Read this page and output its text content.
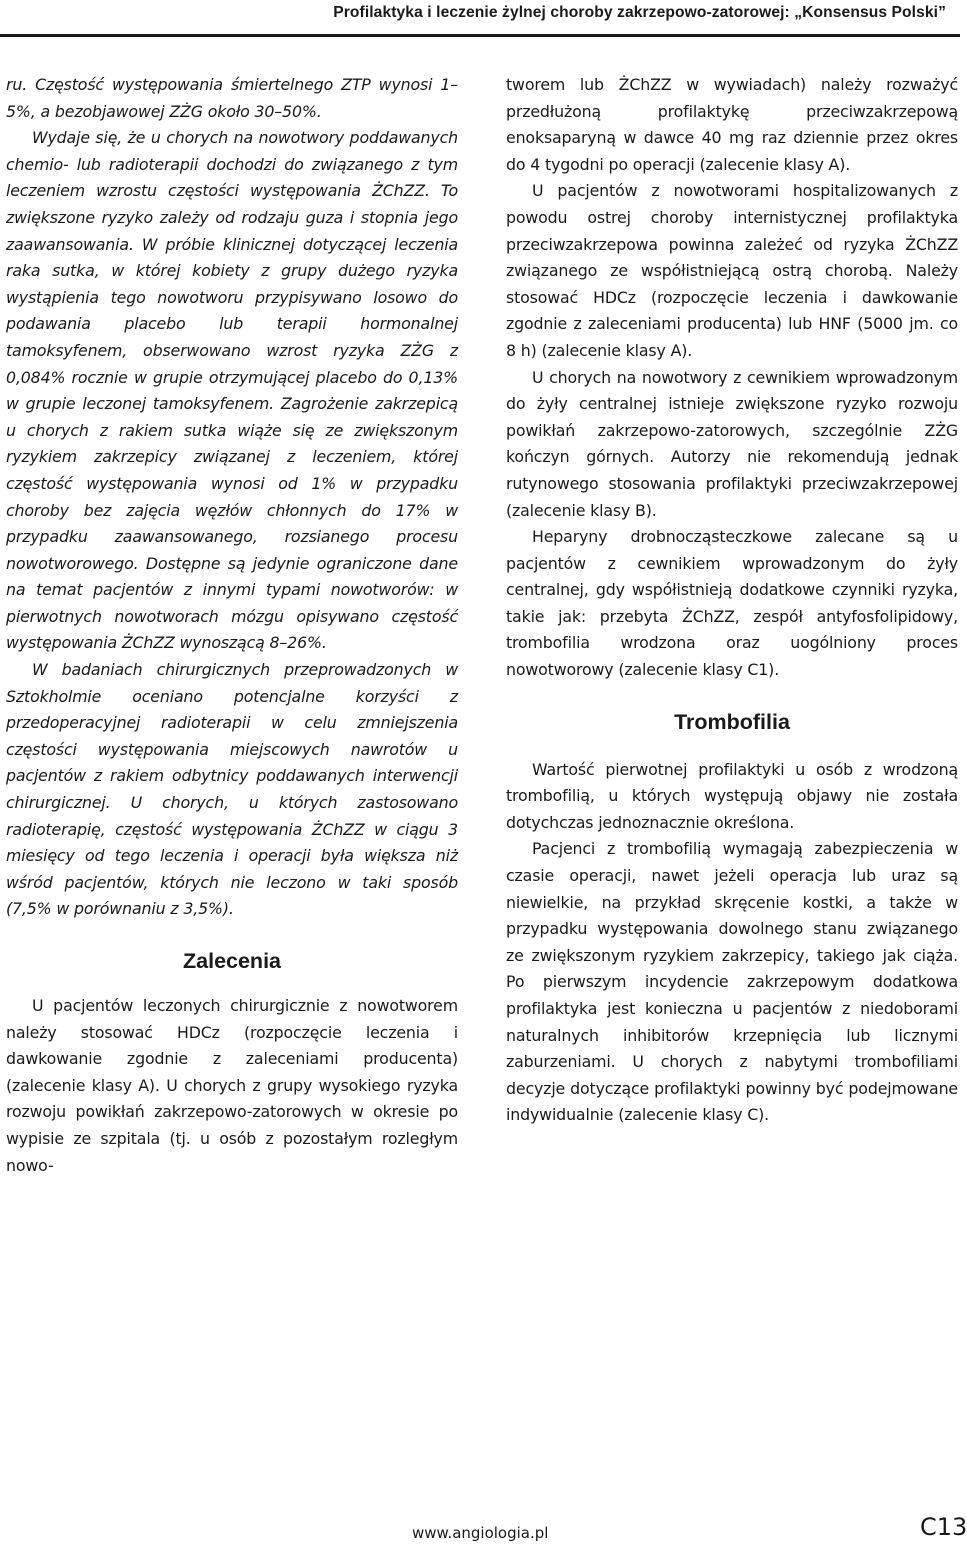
Profilaktyka i leczenie żylnej choroby zakrzepowo-zatorowej: „Konsensus Polski”

ru. Częstość występowania śmiertelnego ZTP wynosi 1–5%, a bezobjawowej ZŻG około 30–50%.

Wydaje się, że u chorych na nowotwory poddawanych chemio- lub radioterapii dochodzi do związanego z tym leczeniem wzrostu częstości występowania ŻChZZ. To zwiększone ryzyko zależy od rodzaju guza i stopnia jego zaawansowania. W próbie klinicznej dotyczącej leczenia raka sutka, w której kobiety z grupy dużego ryzyka wystąpienia tego nowotworu przypisywano losowo do podawania placebo lub terapii hormonalnej tamoksyfenem, obserwowano wzrost ryzyka ZŻG z 0,084% rocznie w grupie otrzymującej placebo do 0,13% w grupie leczonej tamoksyfenem. Zagrożenie zakrzepicą u chorych z rakiem sutka wiąże się ze zwiększonym ryzykiem zakrzepicy związanej z leczeniem, której częstość występowania wynosi od 1% w przypadku choroby bez zajęcia węzłów chłonnych do 17% w przypadku zaawansowanego, rozsianego procesu nowotworowego. Dostępne są jedynie ograniczone dane na temat pacjentów z innymi typami nowotworów: w pierwotnych nowotworach mózgu opisywano częstość występowania ŻChZZ wynoszącą 8–26%.

W badaniach chirurgicznych przeprowadzonych w Sztokholmie oceniano potencjalne korzyści z przedoperacyjnej radioterapii w celu zmniejszenia częstości występowania miejscowych nawrotów u pacjentów z rakiem odbytnicy poddawanych interwencji chirurgicznej. U chorych, u których zastosowano radioterapię, częstość występowania ŻChZZ w ciągu 3 miesięcy od tego leczenia i operacji była większa niż wśród pacjentów, których nie leczono w taki sposób (7,5% w porównaniu z 3,5%).

Zalecenia

U pacjentów leczonych chirurgicznie z nowotworem należy stosować HDCz (rozpoczęcie leczenia i dawkowanie zgodnie z zaleceniami producenta) (zalecenie klasy A). U chorych z grupy wysokiego ryzyka rozwoju powikłań zakrzepowo-zatorowych w okresie po wypisie ze szpitala (tj. u osób z pozostałym rozległym nowo-

tworem lub ŻChZZ w wywiadach) należy rozważyć przedłużoną profilaktykę przeciwzakrzepową enoksaparyną w dawce 40 mg raz dziennie przez okres do 4 tygodni po operacji (zalecenie klasy A).

U pacjentów z nowotworami hospitalizowanych z powodu ostrej choroby internistycznej profilaktyka przeciwzakrzepowa powinna zależeć od ryzyka ŻChZZ związanego ze współistniejącą ostrą chorobą. Należy stosować HDCz (rozpoczęcie leczenia i dawkowanie zgodnie z zaleceniami producenta) lub HNF (5000 jm. co 8 h) (zalecenie klasy A).

U chorych na nowotwory z cewnikiem wprowadzonym do żyły centralnej istnieje zwiększone ryzyko rozwoju powikłań zakrzepowo-zatorowych, szczególnie ZŻG kończyn górnych. Autorzy nie rekomendują jednak rutynowego stosowania profilaktyki przeciwzakrzepowej (zalecenie klasy B).

Heparyny drobnocząsteczkowe zalecane są u pacjentów z cewnikiem wprowadzonym do żyły centralnej, gdy współistnieją dodatkowe czynniki ryzyka, takie jak: przebyta ŻChZZ, zespół antyfosfolipidowy, trombofilia wrodzona oraz uogólniony proces nowotworowy (zalecenie klasy C1).

Trombofilia

Wartość pierwotnej profilaktyki u osób z wrodzoną trombofilią, u których występują objawy nie została dotychczas jednoznacznie określona.

Pacjenci z trombofilią wymagają zabezpieczenia w czasie operacji, nawet jeżeli operacja lub uraz są niewielkie, na przykład skręcenie kostki, a także w przypadku występowania dowolnego stanu związanego ze zwiększonym ryzykiem zakrzepicy, takiego jak ciąża. Po pierwszym incydencie zakrzepowym dodatkowa profilaktyka jest konieczna u pacjentów z niedoborami naturalnych inhibitorów krzepnięcia lub licznymi zaburzeniami. U chorych z nabytymi trombofiliami decyzje dotyczące profilaktyki powinny być podejmowane indywidualnie (zalecenie klasy C).

www.angiologia.pl	C13
